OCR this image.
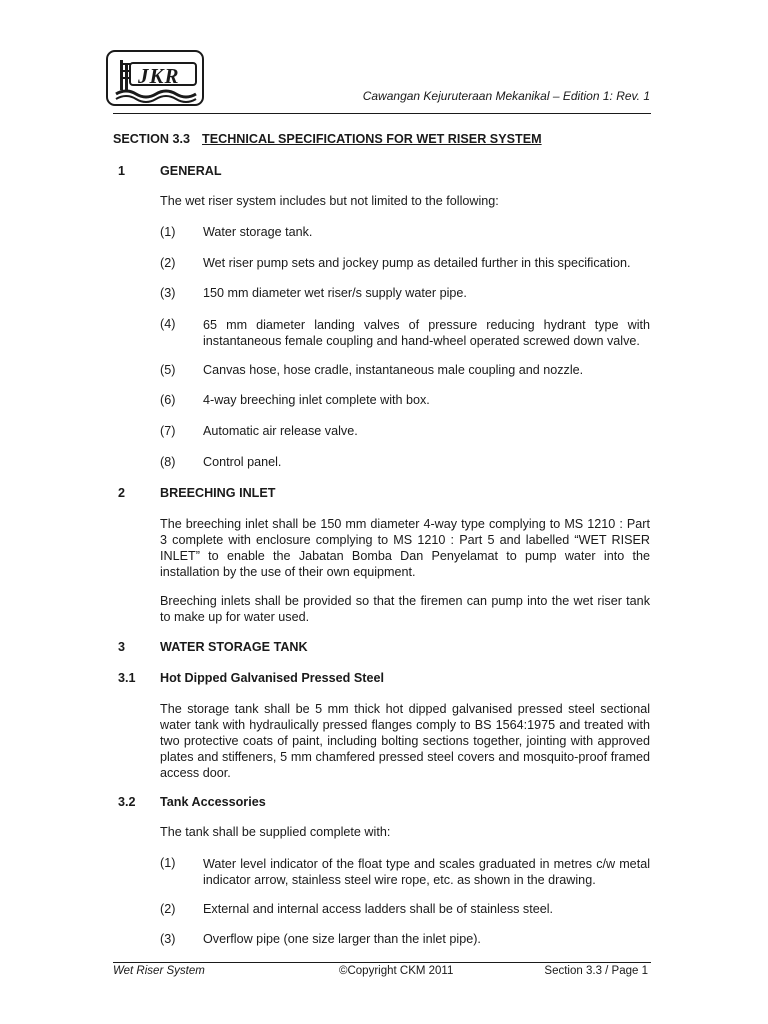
JKR
Cawangan Kejuruteraan Mekanikal – Edition 1: Rev. 1
SECTION 3.3 TECHNICAL SPECIFICATIONS FOR WET RISER SYSTEM
1	GENERAL
The wet riser system includes but not limited to the following:
(1) Water storage tank.
(2) Wet riser pump sets and jockey pump as detailed further in this specification.
(3) 150 mm diameter wet riser/s supply water pipe.
(4) 65 mm diameter landing valves of pressure reducing hydrant type with instantaneous female coupling and hand-wheel operated screwed down valve.
(5) Canvas hose, hose cradle, instantaneous male coupling and nozzle.
(6) 4-way breeching inlet complete with box.
(7) Automatic air release valve.
(8) Control panel.
2	BREECHING INLET
The breeching inlet shall be 150 mm diameter 4-way type complying to MS 1210 : Part 3 complete with enclosure complying to MS 1210 : Part 5 and labelled “WET RISER INLET” to enable the Jabatan Bomba Dan Penyelamat to pump water into the installation by the use of their own equipment.
Breeching inlets shall be provided so that the firemen can pump into the wet riser tank to make up for water used.
3	WATER STORAGE TANK
3.1 Hot Dipped Galvanised Pressed Steel
The storage tank shall be 5 mm thick hot dipped galvanised pressed steel sectional water tank with hydraulically pressed flanges comply to BS 1564:1975 and treated with two protective coats of paint, including bolting sections together, jointing with approved plates and stiffeners, 5 mm chamfered pressed steel covers and mosquito-proof framed access door.
3.2 Tank Accessories
The tank shall be supplied complete with:
(1) Water level indicator of the float type and scales graduated in metres c/w metal indicator arrow, stainless steel wire rope, etc. as shown in the drawing.
(2) External and internal access ladders shall be of stainless steel.
(3) Overflow pipe (one size larger than the inlet pipe).
Wet Riser System	©Copyright CKM 2011	Section 3.3 / Page 1
